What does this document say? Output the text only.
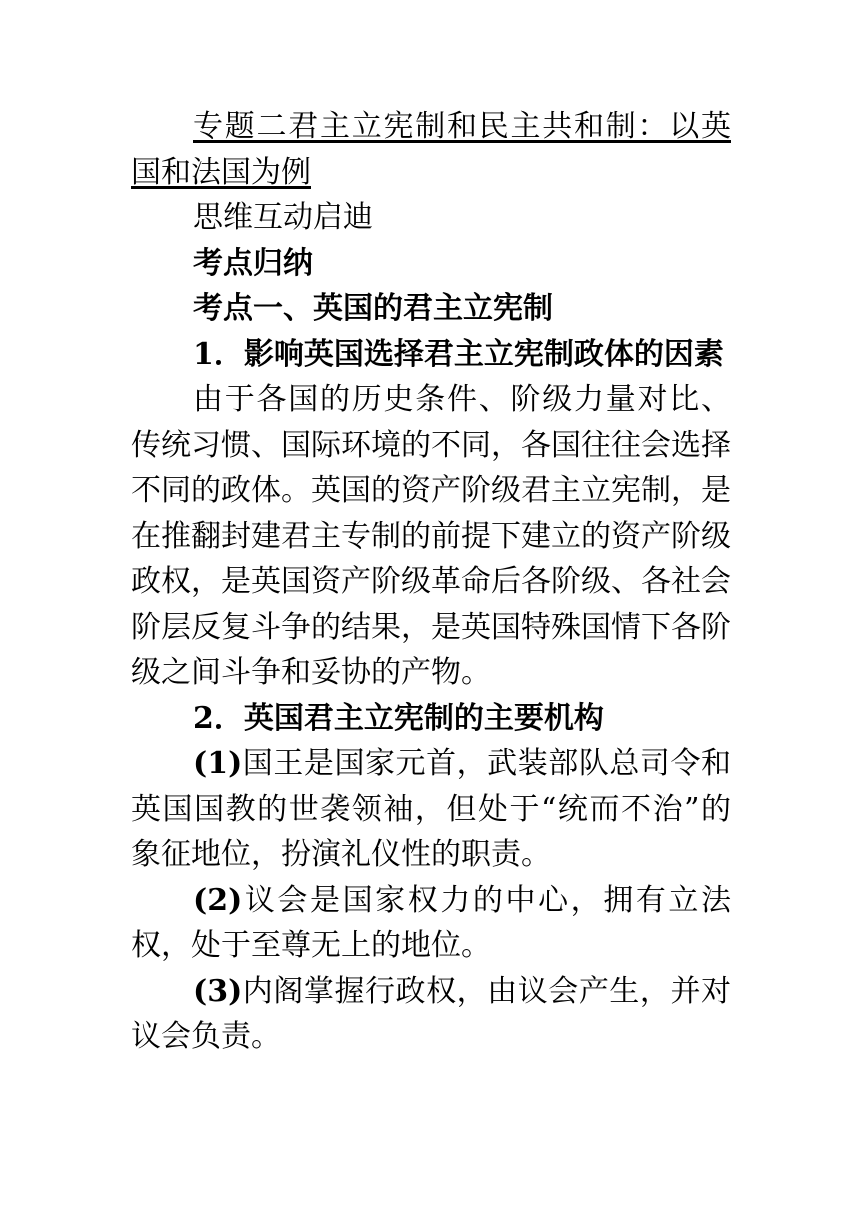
专题二君主立宪制和民主共和制：以英国和法国为例

思维互动启迪

考点归纳

考点一、英国的君主立宪制

1．影响英国选择君主立宪制政体的因素

由于各国的历史条件、阶级力量对比、传统习惯、国际环境的不同，各国往往会选择不同的政体。英国的资产阶级君主立宪制，是在推翻封建君主专制的前提下建立的资产阶级政权，是英国资产阶级革命后各阶级、各社会阶层反复斗争的结果，是英国特殊国情下各阶级之间斗争和妥协的产物。

2．英国君主立宪制的主要机构

(1)国王是国家元首，武装部队总司令和英国国教的世袭领袖，但处于“统而不治”的象征地位，扮演礼仪性的职责。

(2)议会是国家权力的中心，拥有立法权，处于至尊无上的地位。

(3)内阁掌握行政权，由议会产生，并对议会负责。
